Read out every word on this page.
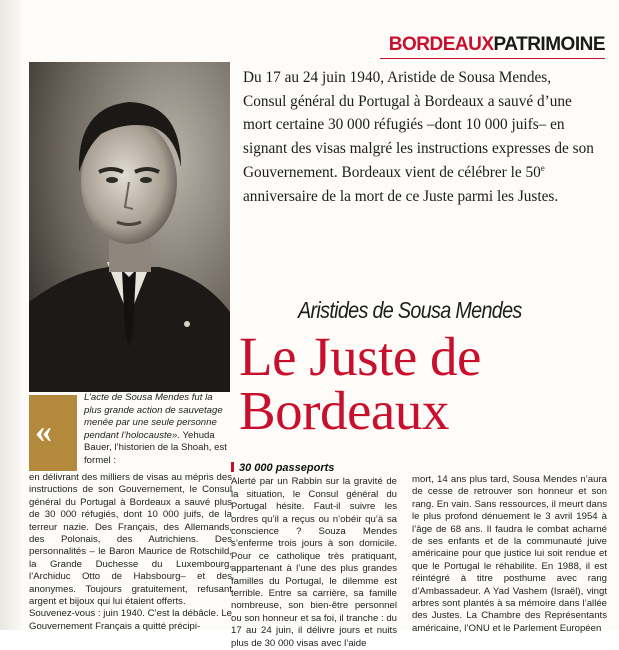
BORDEAUXPATRIMOINE
Du 17 au 24 juin 1940, Aristide de Sousa Mendes, Consul général du Portugal à Bordeaux a sauvé d’une mort certaine 30 000 réfugiés –dont 10 000 juifs– en signant des visas malgré les instructions expresses de son Gouvernement. Bordeaux vient de célébrer le 50e anniversaire de la mort de ce Juste parmi les Justes.
Aristides de Sousa Mendes
Le Juste de
Bordeaux
«
L’acte de Sousa Mendes fut la plus grande action de sauvetage menée par une seule personne pendant l’holocauste». Yehuda Bauer, l’historien de la Shoah, est formel :

en délivrant des milliers de visas au mépris des instructions de son Gouvernement, le Consul général du Portugal à Bordeaux a sauvé plus de 30 000 réfugiés, dont 10 000 juifs, de la terreur nazie. Des Français, des Allemands, des Polonais, des Autrichiens. Des personnalités – le Baron Maurice de Rotschild, la Grande Duchesse du Luxembourg, l’Archiduc Otto de Habsbourg– et des anonymes. Toujours gratuitement, refusant argent et bijoux qui lui étaient offerts.

Souvenez-vous : juin 1940. C’est la débâcle. Le Gouvernement Français a quitté précipi-

30 000 passeports

Alerté par un Rabbin sur la gravité de la situation, le Consul général du Portugal hésite. Faut-il suivre les ordres qu’il a reçus ou n’obéir qu’à sa conscience ? Souza Mendes s’enferme trois jours à son domicile. Pour ce catholique très pratiquant, appartenant à l’une des plus grandes familles du Portugal, le dilemme est terrible. Entre sa carrière, sa famille nombreuse, son bien-être personnel ou son honneur et sa foi, il tranche : du 17 au 24 juin, il délivre jours et nuits plus de 30 000 visas avec l’aide

mort, 14 ans plus tard, Sousa Mendes n’aura de cesse de retrouver son honneur et son rang. En vain. Sans ressources, il meurt dans le plus profond dénuement le 3 avril 1954 à l’âge de 68 ans. Il faudra le combat acharné de ses enfants et de la communauté juive américaine pour que justice lui soit rendue et que le Portugal le réhabilite. En 1988, il est réintégré à titre posthume avec rang d’Ambassadeur. A Yad Vashem (Israël), vingt arbres sont plantés à sa mémoire dans l’allée des Justes. La Chambre des Représentants américaine, l’ONU et le Parlement Européen
